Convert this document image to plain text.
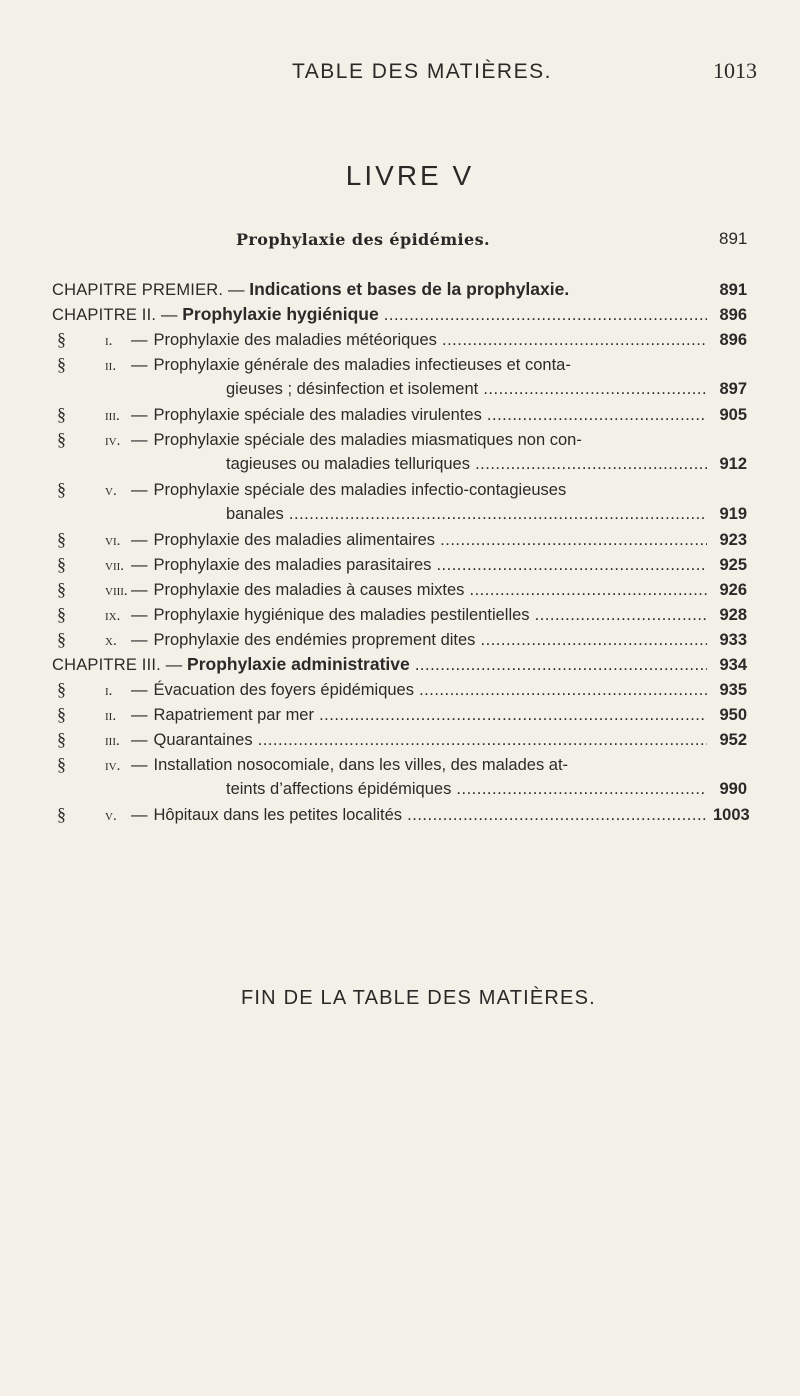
TABLE DES MATIÈRES.	1013
LIVRE V
Prophylaxie des épidémies.	891
CHAPITRE PREMIER. — Indications et bases de la prophylaxie.	891
CHAPITRE II. — Prophylaxie hygiénique .....	896
§	i. — Prophylaxie des maladies météoriques .....	896
§	ii. — Prophylaxie générale des maladies infectieuses et conta-
gieuses ; désinfection et isolement .....	897
§	iii. — Prophylaxie spéciale des maladies virulentes .....	905
§	iv. — Prophylaxie spéciale des maladies miasmatiques non con-
tagieuses ou maladies telluriques .....	912
§	v. — Prophylaxie spéciale des maladies infectio-contagieuses
banales .....	919
§	vi. — Prophylaxie des maladies alimentaires .....	923
§	vii. — Prophylaxie des maladies parasitaires .....	925
§	viii. — Prophylaxie des maladies à causes mixtes .....	926
§	ix. — Prophylaxie hygiénique des maladies pestilentielles .....	928
§	x. — Prophylaxie des endémies proprement dites .....	933
CHAPITRE III. — Prophylaxie administrative .....	934
§	i. — Évacuation des foyers épidémiques .....	935
§	ii. — Rapatriement par mer .....	950
§	iii. — Quarantaines .....	952
§	iv. — Installation nosocomiale, dans les villes, des malades at-
teints d’affections épidémiques .....	990
§	v. — Hôpitaux dans les petites localités .....	1003
FIN DE LA TABLE DES MATIÈRES.
